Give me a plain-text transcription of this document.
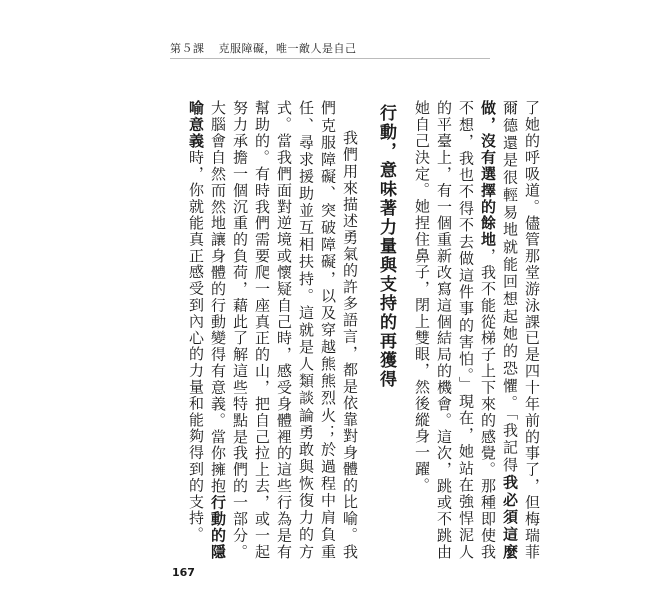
第５課 克服障礙，唯一敵人是自己

了她的呼吸道。儘管那堂游泳課已是四十年前的事了，但梅瑞菲爾德還是很輕易地就能回想起她的恐懼。「我記得我必須這麼做，沒有選擇的餘地，我不能從梯子上下來的感覺。那種即使我不想，我也不得不去做這件事的害怕。」現在，她站在強悍泥人的平臺上，有一個重新改寫這個結局的機會。這次，跳或不跳由她自己決定。她捏住鼻子，閉上雙眼，然後縱身一躍。

行動，意味著力量與支持的再獲得

我們用來描述勇氣的許多語言，都是依靠對身體的比喻。我們克服障礙、突破障礙，以及穿越熊熊烈火；於過程中肩負重任、尋求援助並互相扶持。這就是人類談論勇敢與恢復力的方式。當我們面對逆境或懷疑自己時，感受身體裡的這些行為是有幫助的。有時我們需要爬一座真正的山，把自己拉上去，或一起努力承擔一個沉重的負荷，藉此了解這些特點是我們的一部分。大腦會自然而然地讓身體的行動變得有意義。當你擁抱行動的隱喻意義時，你就能真正感受到內心的力量和能夠得到的支持。

167
